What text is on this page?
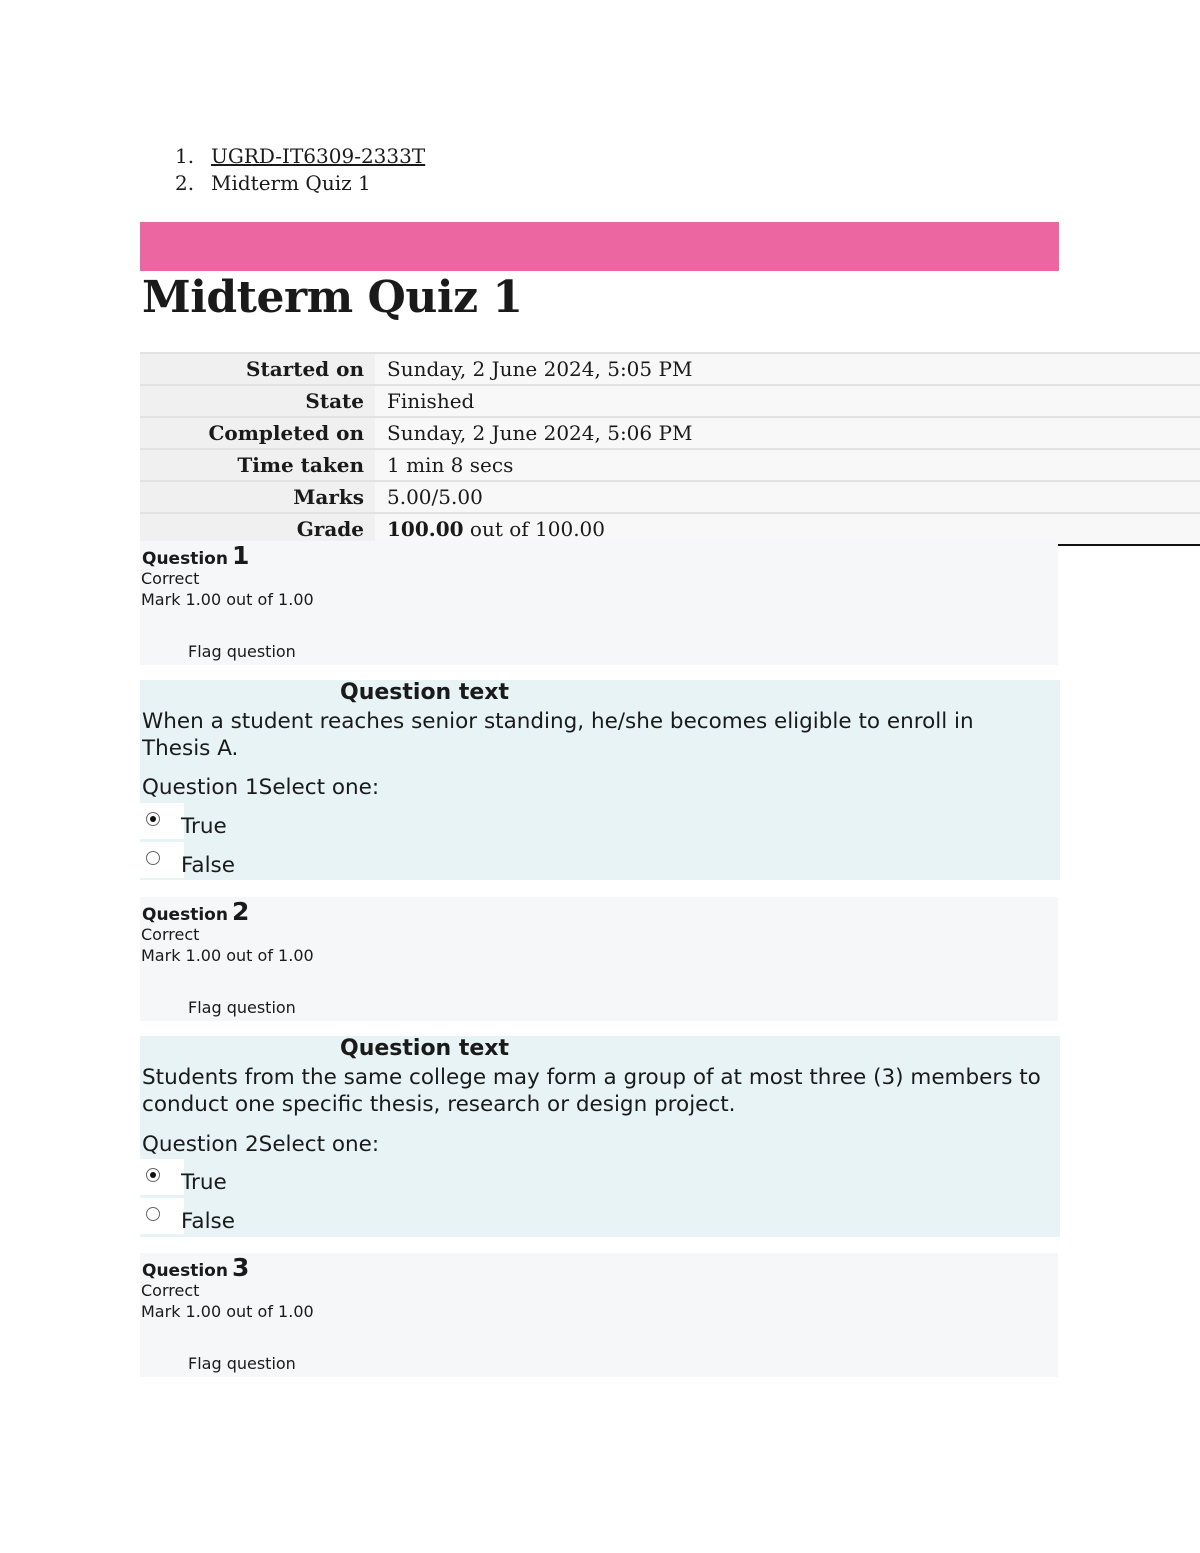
1. UGRD-IT6309-2333T
2. Midterm Quiz 1
Midterm Quiz 1
Started on	Sunday, 2 June 2024, 5:05 PM
State	Finished
Completed on	Sunday, 2 June 2024, 5:06 PM
Time taken	1 min 8 secs
Marks	5.00/5.00
Grade	100.00 out of 100.00
Question 1
Correct
Mark 1.00 out of 1.00
Flag question
Question text
When a student reaches senior standing, he/she becomes eligible to enroll in Thesis A.
Question 1Select one:
True
False
Question 2
Correct
Mark 1.00 out of 1.00
Flag question
Question text
Students from the same college may form a group of at most three (3) members to conduct one specific thesis, research or design project.
Question 2Select one:
True
False
Question 3
Correct
Mark 1.00 out of 1.00
Flag question
